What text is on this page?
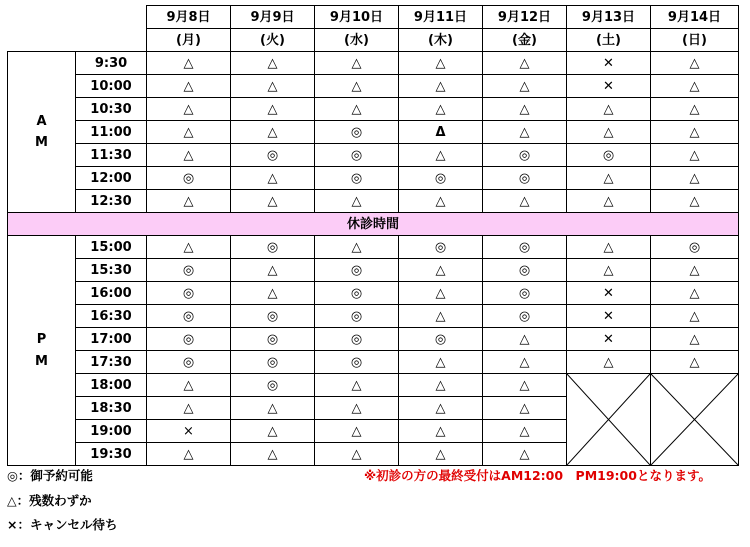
		9月8日	9月9日	9月10日	9月11日	9月12日	9月13日	9月14日
		(月)	(火)	(水)	(木)	(金)	(土)	(日)

A
M	9:30	△	△	△	△	△	✕	△
	10:00	△	△	△	△	△	✕	△
	10:30	△	△	△	△	△	△	△
	11:00	△	△	◎	Δ	△	△	△
	11:30	△	◎	◎	△	◎	◎	△
	12:00	◎	△	◎	◎	◎	△	△
	12:30	△	△	△	△	△	△	△
休診時間								

P
M	15:00	△	◎	△	◎	◎	△	◎
	15:30	◎	△	◎	△	◎	△	△
	16:00	◎	△	◎	△	◎	✕	△
	16:30	◎	◎	◎	△	◎	✕	△
	17:00	◎	◎	◎	◎	△	✕	△
	17:30	◎	◎	◎	△	△	△	△
	18:00	△	◎	△	△	△	

	18:30	△	△	△	△	△		
	19:00	×	△	△	△	△		
	19:30	△	△	△	△	△		
◎：御予約可能
△：残数わずか
×：キャンセル待ち
※初診の方の最終受付はAM12:00　PM19:00となります。
